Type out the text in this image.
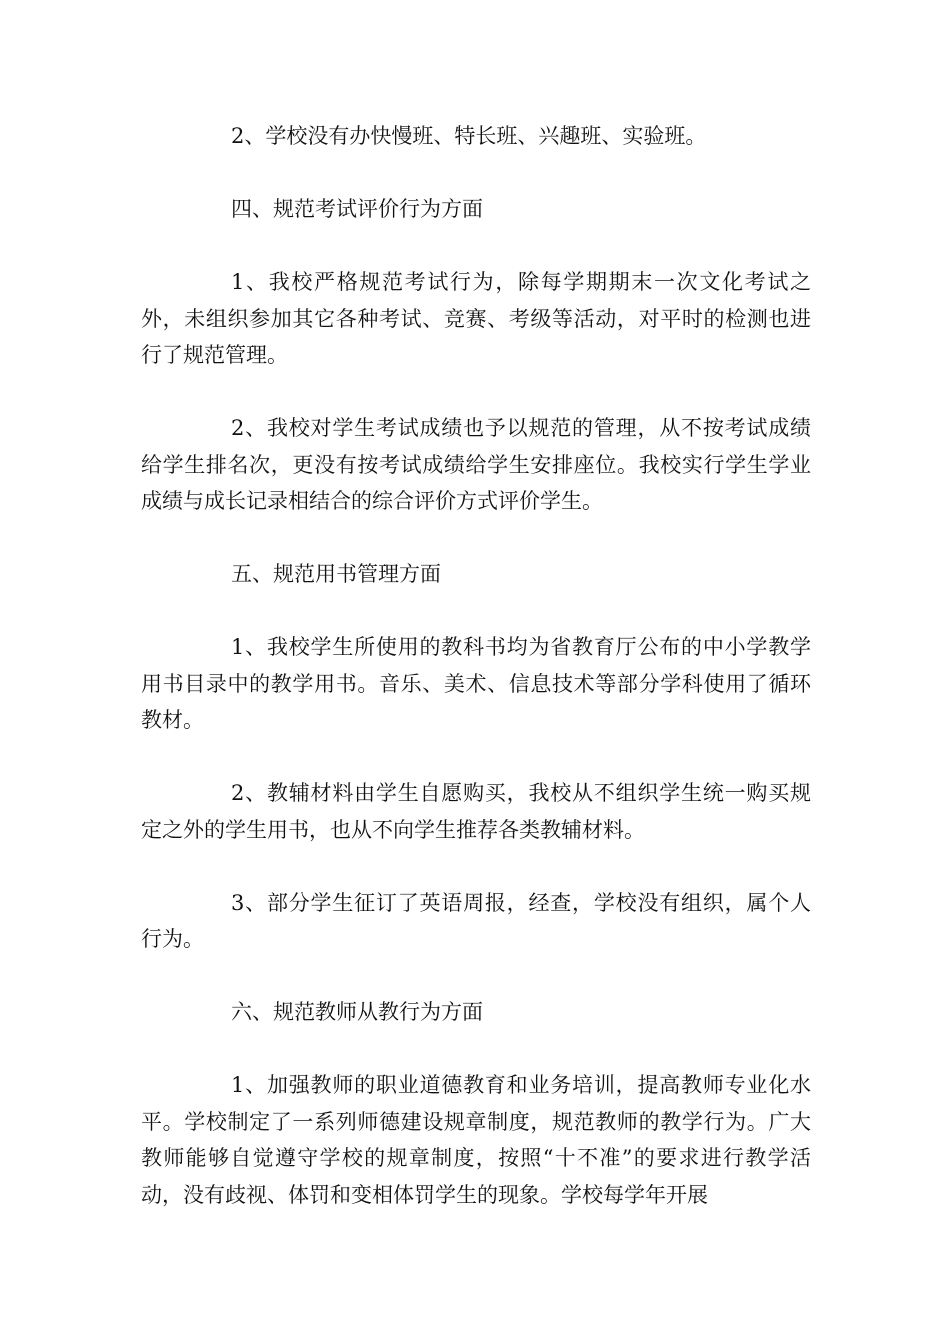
2、学校没有办快慢班、特长班、兴趣班、实验班。

四、规范考试评价行为方面

1、我校严格规范考试行为，除每学期期末一次文化考试之外，未组织参加其它各种考试、竞赛、考级等活动，对平时的检测也进行了规范管理。

2、我校对学生考试成绩也予以规范的管理，从不按考试成绩给学生排名次，更没有按考试成绩给学生安排座位。我校实行学生学业成绩与成长记录相结合的综合评价方式评价学生。

五、规范用书管理方面

1、我校学生所使用的教科书均为省教育厅公布的中小学教学用书目录中的教学用书。音乐、美术、信息技术等部分学科使用了循环教材。

2、教辅材料由学生自愿购买，我校从不组织学生统一购买规定之外的学生用书，也从不向学生推荐各类教辅材料。

3、部分学生征订了英语周报，经查，学校没有组织，属个人行为。

六、规范教师从教行为方面

1、加强教师的职业道德教育和业务培训，提高教师专业化水平。学校制定了一系列师德建设规章制度，规范教师的教学行为。广大教师能够自觉遵守学校的规章制度，按照“十不准”的要求进行教学活动，没有歧视、体罚和变相体罚学生的现象。学校每学年开展
